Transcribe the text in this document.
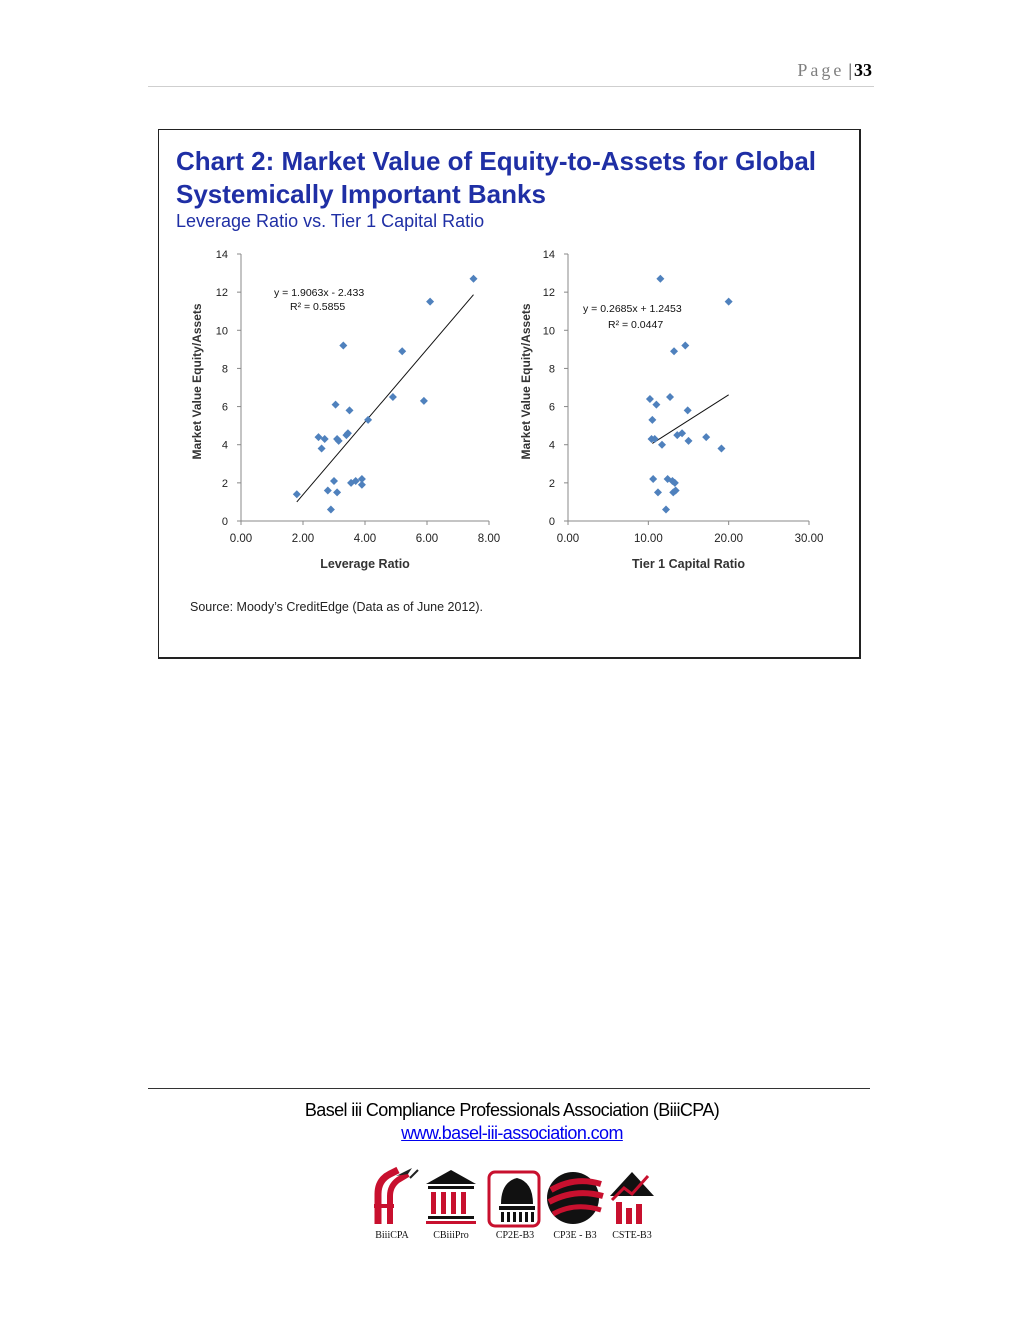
Page | 33
Chart 2: Market Value of Equity-to-Assets for Global Systemically Important Banks
Leverage Ratio vs. Tier 1 Capital Ratio
0
2
4
6
8
10
12
14
0.00	2.00	4.00	6.00	8.00
Leverage Ratio
Market Value Equity/Assets
y = 1.9063x - 2.433
R² = 0.5855
0
2
4
6
8
10
12
14
0.00	10.00	20.00	30.00
Tier 1 Capital Ratio
Market Value Equity/Assets	y = 0.2685x + 1.2453
R² = 0.0447
Source: Moody’s CreditEdge (Data as of June 2012).
Basel iii Compliance Professionals Association (BiiiCPA)
www.basel-iii-association.com
BiiiCPA	CBiiiPro	CP2E-B3	CP3E - B3	CSTE-B3
